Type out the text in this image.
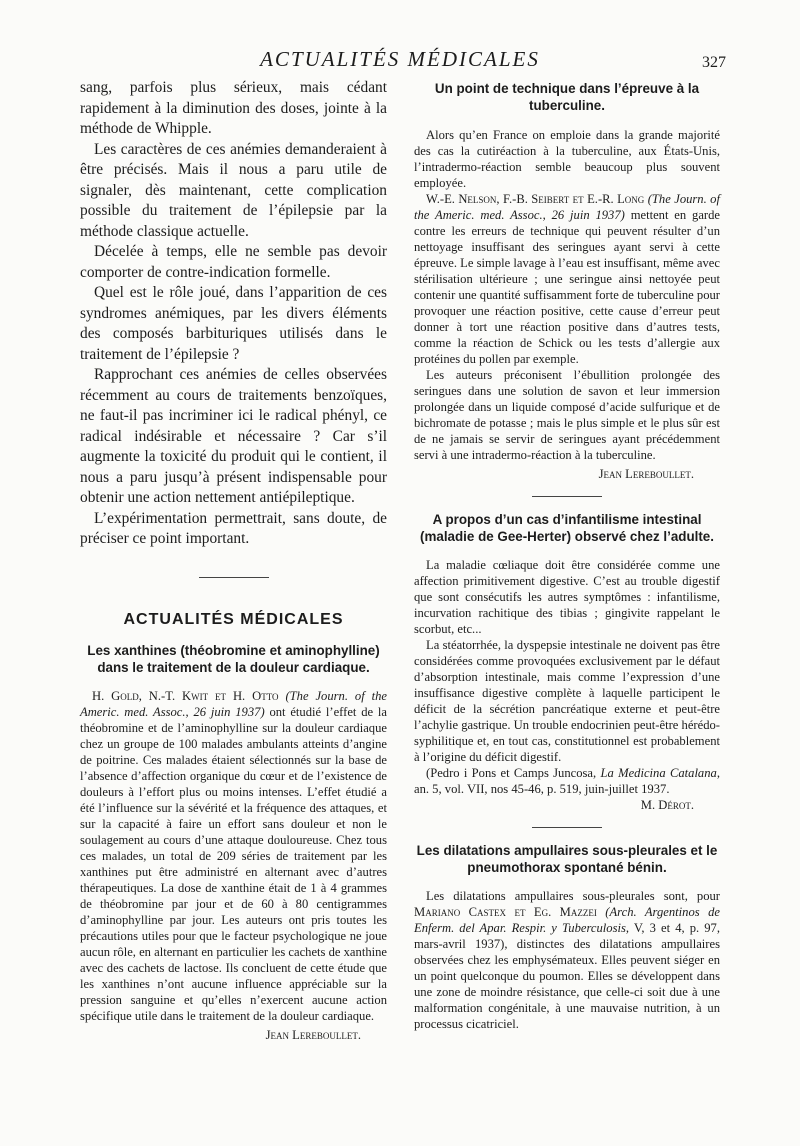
ACTUALITÉS MÉDICALES	327

sang, parfois plus sérieux, mais cédant rapidement à la diminution des doses, jointe à la méthode de Whipple.

Les caractères de ces anémies demanderaient à être précisés. Mais il nous a paru utile de signaler, dès maintenant, cette complication possible du traitement de l’épilepsie par la méthode classique actuelle.

Décelée à temps, elle ne semble pas devoir comporter de contre-indication formelle.

Quel est le rôle joué, dans l’apparition de ces syndromes anémiques, par les divers éléments des composés barbituriques utilisés dans le traitement de l’épilepsie ?

Rapprochant ces anémies de celles observées récemment au cours de traitements benzoïques, ne faut-il pas incriminer ici le radical phényl, ce radical indésirable et nécessaire ? Car s’il augmente la toxicité du produit qui le contient, il nous a paru jusqu’à présent indispensable pour obtenir une action nettement antiépileptique.

L’expérimentation permettrait, sans doute, de préciser ce point important.

ACTUALITÉS MÉDICALES
Les xanthines (théobromine et aminophylline) dans le traitement de la douleur cardiaque.

H. Gold, N.-T. Kwit et H. Otto (The Journ. of the Americ. med. Assoc., 26 juin 1937) ont étudié l’effet de la théobromine et de l’aminophylline sur la douleur cardiaque chez un groupe de 100 malades ambulants atteints d’angine de poitrine. Ces malades étaient sélectionnés sur la base de l’absence d’affection organique du cœur et de l’existence de douleurs à l’effort plus ou moins intenses. L’effet étudié a été l’influence sur la sévérité et la fréquence des attaques, et sur la capacité à faire un effort sans douleur et non le soulagement au cours d’une attaque douloureuse. Chez tous ces malades, un total de 209 séries de traitement par les xanthines put être administré en alternant avec d’autres thérapeutiques. La dose de xanthine était de 1 à 4 grammes de théobromine par jour et de 60 à 80 centigrammes d’aminophylline par jour. Les auteurs ont pris toutes les précautions utiles pour que le facteur psychologique ne joue aucun rôle, en alternant en particulier les cachets de xanthine avec des cachets de lactose. Ils concluent de cette étude que les xanthines n’ont aucune influence appréciable sur la pression sanguine et qu’elles n’exercent aucune action spécifique utile dans le traitement de la douleur cardiaque.

Jean Lereboullet.
Un point de technique dans l’épreuve à la tuberculine.

Alors qu’en France on emploie dans la grande majorité des cas la cutiréaction à la tuberculine, aux États-Unis, l’intradermo-réaction semble beaucoup plus souvent employée.

W.-E. Nelson, F.-B. Seibert et E.-R. Long (The Journ. of the Americ. med. Assoc., 26 juin 1937) mettent en garde contre les erreurs de technique qui peuvent résulter d’un nettoyage insuffisant des seringues ayant servi à cette épreuve. Le simple lavage à l’eau est insuffisant, même avec stérilisation ultérieure ; une seringue ainsi nettoyée peut contenir une quantité suffisamment forte de tuberculine pour provoquer une réaction positive, cette cause d’erreur peut donner à tort une réaction positive dans d’autres tests, comme la réaction de Schick ou les tests d’allergie aux protéines du pollen par exemple.

Les auteurs préconisent l’ébullition prolongée des seringues dans une solution de savon et leur immersion prolongée dans un liquide composé d’acide sulfurique et de bichromate de potasse ; mais le plus simple et le plus sûr est de ne jamais se servir de seringues ayant précédemment servi à une intradermo-réaction à la tuberculine.

Jean Lereboullet.
A propos d’un cas d’infantilisme intestinal (maladie de Gee-Herter) observé chez l’adulte.

La maladie cœliaque doit être considérée comme une affection primitivement digestive. C’est au trouble digestif que sont consécutifs les autres symptômes : infantilisme, incurvation rachitique des tibias ; gingivite rappelant le scorbut, etc...

La stéatorrhée, la dyspepsie intestinale ne doivent pas être considérées comme provoquées exclusivement par le défaut d’absorption intestinale, mais comme l’expression d’une insuffisance digestive complète à laquelle participent le déficit de la sécrétion pancréatique externe et peut-être l’achylie gastrique. Un trouble endocrinien peut-être hérédo-syphilitique et, en tout cas, constitutionnel est probablement à l’origine du déficit digestif.

(Pedro i Pons et Camps Juncosa, La Medicina Catalana, an. 5, vol. VII, nos 45-46, p. 519, juin-juillet 1937.

M. Dérot.
Les dilatations ampullaires sous-pleurales et le pneumothorax spontané bénin.

Les dilatations ampullaires sous-pleurales sont, pour Mariano Castex et Eg. Mazzei (Arch. Argentinos de Enferm. del Apar. Respir. y Tuberculosis, V, 3 et 4, p. 97, mars-avril 1937), distinctes des dilatations ampullaires observées chez les emphysémateux. Elles peuvent siéger en un point quelconque du poumon. Elles se développent dans une zone de moindre résistance, que celle-ci soit due à une malformation congénitale, à une mauvaise nutrition, à un processus cicatriciel.
